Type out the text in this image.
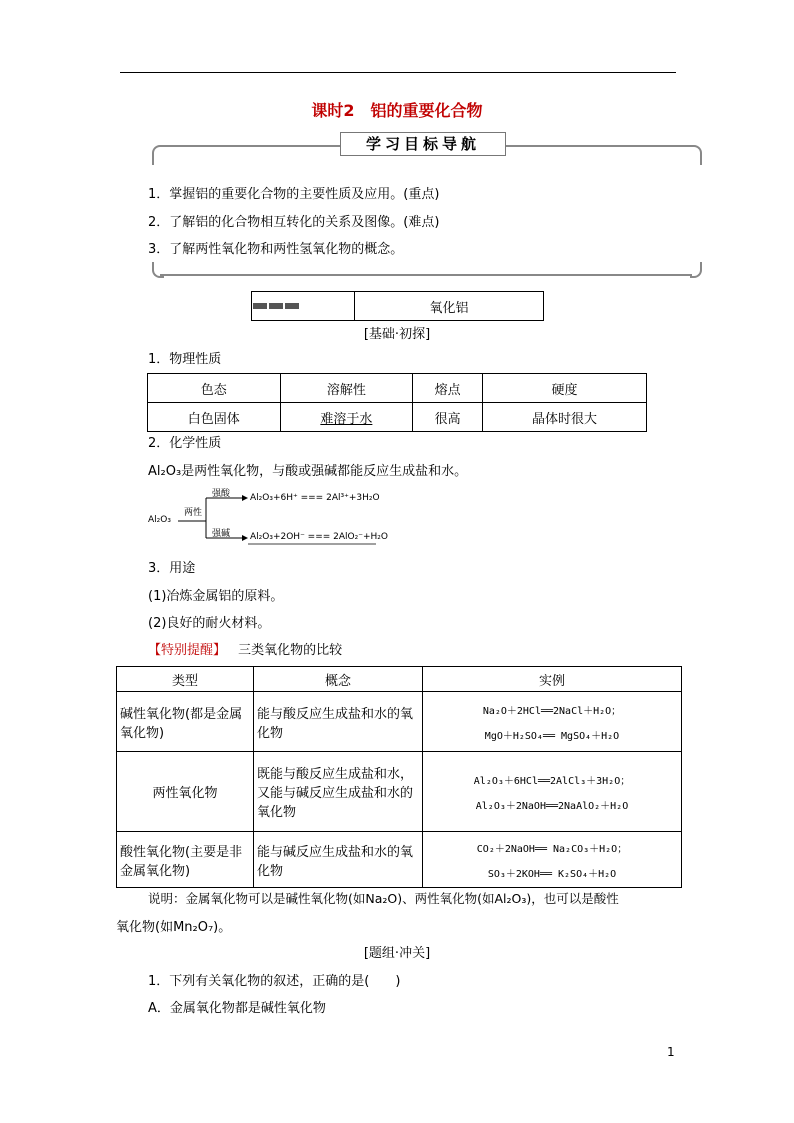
课时2　铝的重要化合物
学习目标导航
1．掌握铝的重要化合物的主要性质及应用。(重点)
2．了解铝的化合物相互转化的关系及图像。(难点)
3．了解两性氧化物和两性氢氧化物的概念。
	氧化铝
[基础·初探]
1．物理性质
色态	溶解性	熔点	硬度
白色固体	难溶于水	很高	晶体时很大
2．化学性质
Al₂O₃是两性氧化物，与酸或强碱都能反应生成盐和水。
Al₂O₃
两性
强酸 Al₂O₃+6H⁺ === 2Al³⁺+3H₂O
强碱 Al₂O₃+2OH⁻ === 2AlO₂⁻+H₂O
3．用途
(1)冶炼金属铝的原料。
(2)良好的耐火材料。
【特别提醒】 三类氧化物的比较
类型	概念	实例
碱性氧化物(都是金属氧化物)	能与酸反应生成盐和水的氧化物	Na₂O＋2HCl══2NaCl＋H₂O；
MgO＋H₂SO₄══ MgSO₄＋H₂O

两性氧化物	既能与酸反应生成盐和水，又能与碱反应生成盐和水的氧化物	Al₂O₃＋6HCl══2AlCl₃＋3H₂O；
Al₂O₃＋2NaOH══2NaAlO₂＋H₂O

酸性氧化物(主要是非金属氧化物)	能与碱反应生成盐和水的氧化物	CO₂＋2NaOH══ Na₂CO₃＋H₂O；
SO₃＋2KOH══ K₂SO₄＋H₂O
说明：金属氧化物可以是碱性氧化物(如Na₂O)、两性氧化物(如Al₂O₃)，也可以是酸性
氧化物(如Mn₂O₇)。
[题组·冲关]
1．下列有关氧化物的叙述，正确的是(　　)
A．金属氧化物都是碱性氧化物
1
